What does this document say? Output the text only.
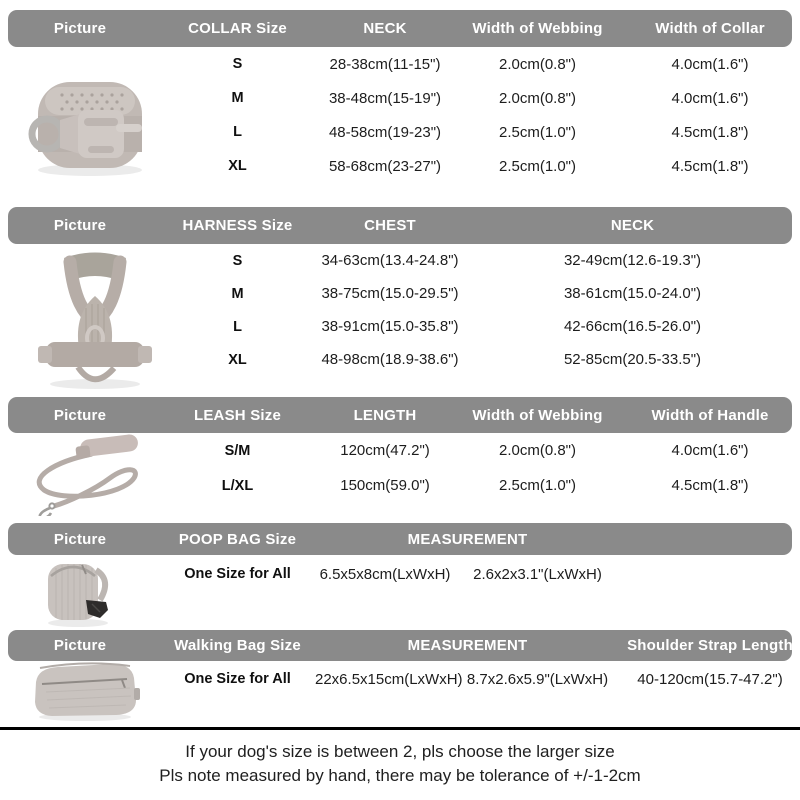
Picture	COLLAR Size	NECK	Width of Webbing	Width of Collar
S	28-38cm(11-15")	2.0cm(0.8")	4.0cm(1.6")
M	38-48cm(15-19")	2.0cm(0.8")	4.0cm(1.6")
L	48-58cm(19-23")	2.5cm(1.0")	4.5cm(1.8")
XL	58-68cm(23-27")	2.5cm(1.0")	4.5cm(1.8")
Picture	HARNESS Size	CHEST	NECK
S	34-63cm(13.4-24.8")	32-49cm(12.6-19.3")
M	38-75cm(15.0-29.5")	38-61cm(15.0-24.0")
L	38-91cm(15.0-35.8")	42-66cm(16.5-26.0")
XL	48-98cm(18.9-38.6")	52-85cm(20.5-33.5")
Picture	LEASH Size	LENGTH	Width of Webbing	Width of Handle
S/M	120cm(47.2")	2.0cm(0.8")	4.0cm(1.6")
L/XL	150cm(59.0")	2.5cm(1.0")	4.5cm(1.8")
Picture	POOP BAG Size	MEASUREMENT
One Size for All	6.5x5x8cm(LxWxH)	2.6x2x3.1"(LxWxH)
Picture	Walking Bag Size	MEASUREMENT	Shoulder Strap Length
One Size for All	22x6.5x15cm(LxWxH) 8.7x2.6x5.9"(LxWxH)	40-120cm(15.7-47.2")
If your dog's size is between 2, pls choose the larger size
Pls note measured by hand, there may be tolerance of +/-1-2cm
